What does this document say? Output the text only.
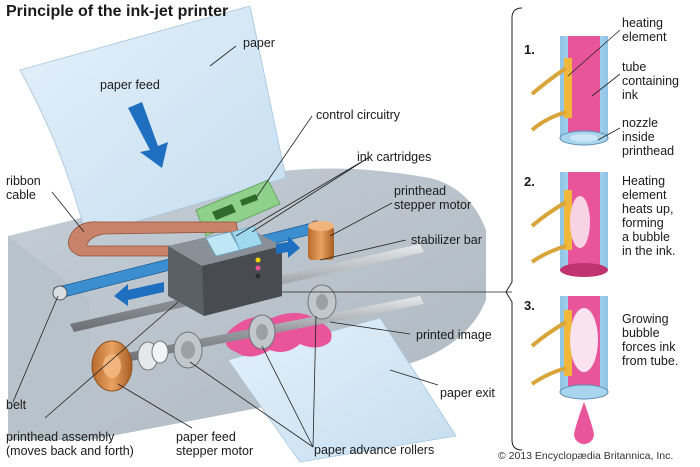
Principle of the ink-jet printer
paper
paper feed
control circuitry
ink cartridges
ribbon
cable	printhead
stepper motor
stabilizer bar
printed image
belt
paper exit
printhead assembly
(moves back and forth)
paper feed
stepper motor	paper advance rollers
1.
2.
3.
heating
element
tube
containing
ink
nozzle
inside
printhead
Heating
element
heats up,
forming
a bubble
in the ink.
Growing
bubble
forces ink
from tube.
© 2013 Encyclopædia Britannica, Inc.
